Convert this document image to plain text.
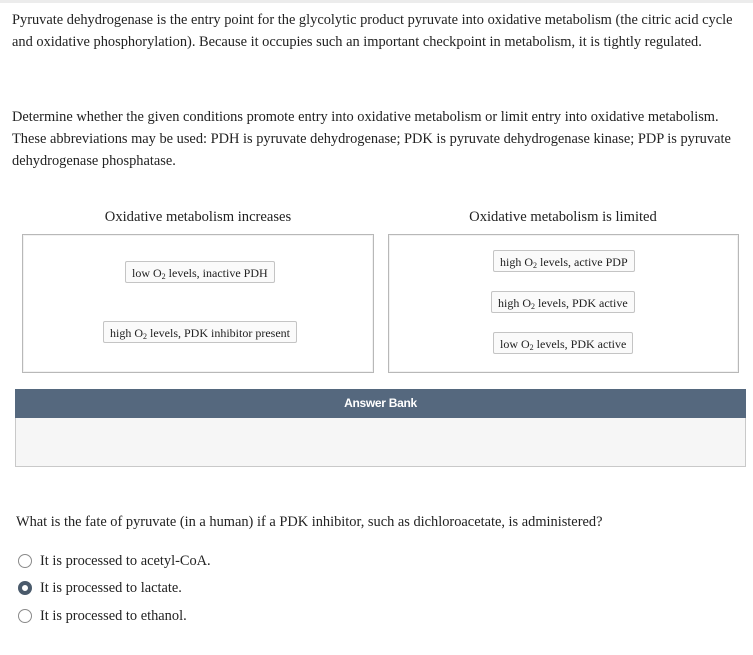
Pyruvate dehydrogenase is the entry point for the glycolytic product pyruvate into oxidative metabolism (the citric acid cycle and oxidative phosphorylation). Because it occupies such an important checkpoint in metabolism, it is tightly regulated.

Determine whether the given conditions promote entry into oxidative metabolism or limit entry into oxidative metabolism. These abbreviations may be used: PDH is pyruvate dehydrogenase; PDK is pyruvate dehydrogenase kinase; PDP is pyruvate dehydrogenase phosphatase.

Oxidative metabolism increases	Oxidative metabolism is limited
low $O_2$ levels, inactive PDH
high $O_2$ levels, PDK inhibitor present
high $O_2$ levels, active PDP
high $O_2$ levels, PDK active
low $O_2$ levels, PDK active
Answer Bank
What is the fate of pyruvate (in a human) if a PDK inhibitor, such as dichloroacetate, is administered?
It is processed to acetyl-CoA.
It is processed to lactate.
It is processed to ethanol.
